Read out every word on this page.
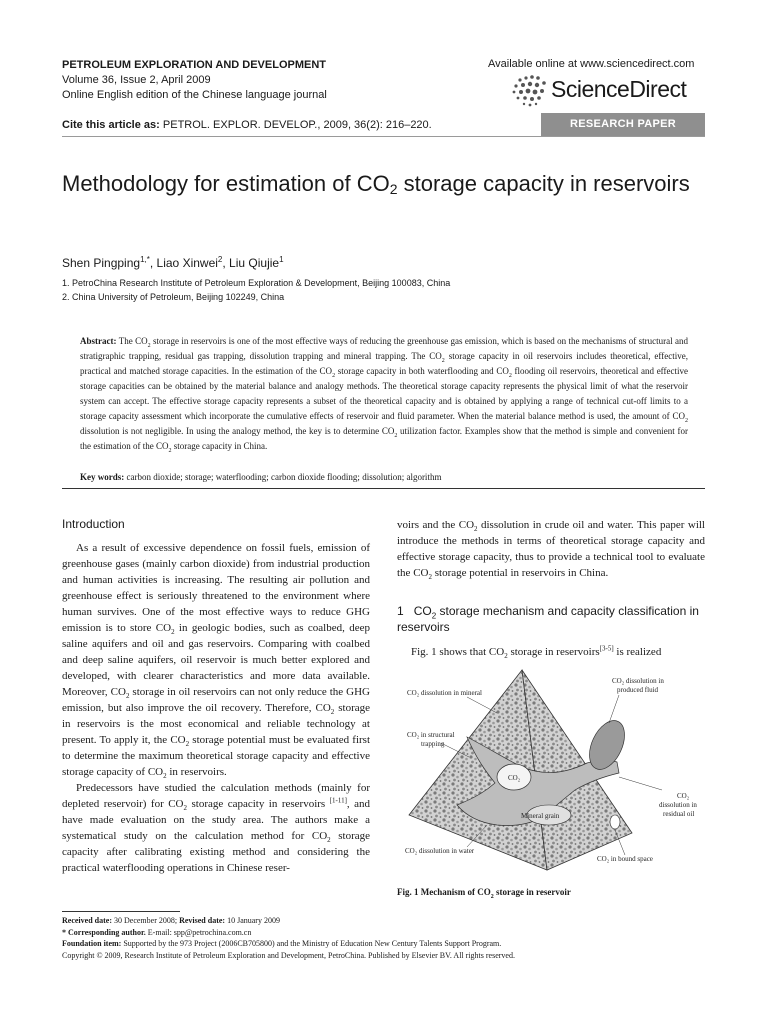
PETROLEUM EXPLORATION AND DEVELOPMENT
Volume 36, Issue 2, April 2009
Online English edition of the Chinese language journal
Available online at www.sciencedirect.com
ScienceDirect
Cite this article as: PETROL. EXPLOR. DEVELOP., 2009, 36(2): 216–220.	RESEARCH PAPER
Methodology for estimation of $CO_2$ storage capacity in reservoirs
Shen Pingping$^{1,*}$, Liao Xinwei$^2$, Liu Qiujie$^1$
1. PetroChina Research Institute of Petroleum Exploration & Development, Beijing 100083, China
2. China University of Petroleum, Beijing 102249, China
Abstract: The $CO_2$ storage in reservoirs is one of the most effective ways of reducing the greenhouse gas emission, which is based on the mechanisms of structural and stratigraphic trapping, residual gas trapping, dissolution trapping and mineral trapping. The $CO_2$ storage capacity in oil reservoirs includes theoretical, effective, practical and matched storage capacities. In the estimation of the $CO_2$ storage capacity in both waterflooding and $CO_2$ flooding oil reservoirs, theoretical and effective storage capacities can be obtained by the material balance and analogy methods. The theoretical storage capacity represents the physical limit of what the reservoir system can accept. The effective storage capacity represents a subset of the theoretical capacity and is obtained by applying a range of technical cut-off limits to a storage capacity assessment which incorporate the cumulative effects of reservoir and fluid parameter. When the material balance method is used, the amount of $CO_2$ dissolution is not negligible. In using the analogy method, the key is to determine $CO_2$ utilization factor. Examples show that the method is simple and convenient for the estimation of the $CO_2$ storage capacity in China.
Key words: carbon dioxide; storage; waterflooding; carbon dioxide flooding; dissolution; algorithm
Introduction

As a result of excessive dependence on fossil fuels, emission of greenhouse gases (mainly carbon dioxide) from industrial production and human activities is increasing. The resulting air pollution and greenhouse effect is seriously threatened to the environment where human survives. One of the most effective ways to reduce GHG emission is to store $CO_2$ in geologic bodies, such as coalbed, deep saline aquifers and oil and gas reservoirs. Comparing with coalbed and deep saline aquifers, oil reservoir is much better explored and developed, with clearer characteristics and more data available. Moreover, $CO_2$ storage in oil reservoirs can not only reduce the GHG emission, but also improve the oil recovery. Therefore, $CO_2$ storage in reservoirs is the most economical and reliable technology at present. To apply it, the $CO_2$ storage potential must be evaluated first to determine the maximum theoretical storage capacity and effective storage capacity of $CO_2$ in reservoirs.

Predecessors have studied the calculation methods (mainly for depleted reservoir) for $CO_2$ storage capacity in reservoirs [1-11], and have made evaluation on the study area. The authors make a systematical study on the calculation method for $CO_2$ storage capacity after calibrating existing method and considering the practical waterflooding operations in Chinese reser-

voirs and the $CO_2$ dissolution in crude oil and water. This paper will introduce the methods in terms of theoretical storage capacity and effective storage capacity, thus to provide a technical tool to evaluate the $CO_2$ storage potential in reservoirs in China.

1 $CO_2$ storage mechanism and capacity classification in reservoirs

Fig. 1 shows that $CO_2$ storage in reservoirs[3-5] is realized

CO₂ dissolution in mineral
CO₂ dissolution in
produced fluid
CO₂ in structural
trapping
CO₂
CO₂
dissolution in
residual oil
Mineral grain
CO₂ dissolution in water
CO₂ in bound space
Fig. 1 Mechanism of $CO_2$ storage in reservoir
Received date: 30 December 2008; Revised date: 10 January 2009
* Corresponding author. E-mail: spp@petrochina.com.cn
Foundation item: Supported by the 973 Project (2006CB705800) and the Ministry of Education New Century Talents Support Program.
Copyright © 2009, Research Institute of Petroleum Exploration and Development, PetroChina. Published by Elsevier BV. All rights reserved.
